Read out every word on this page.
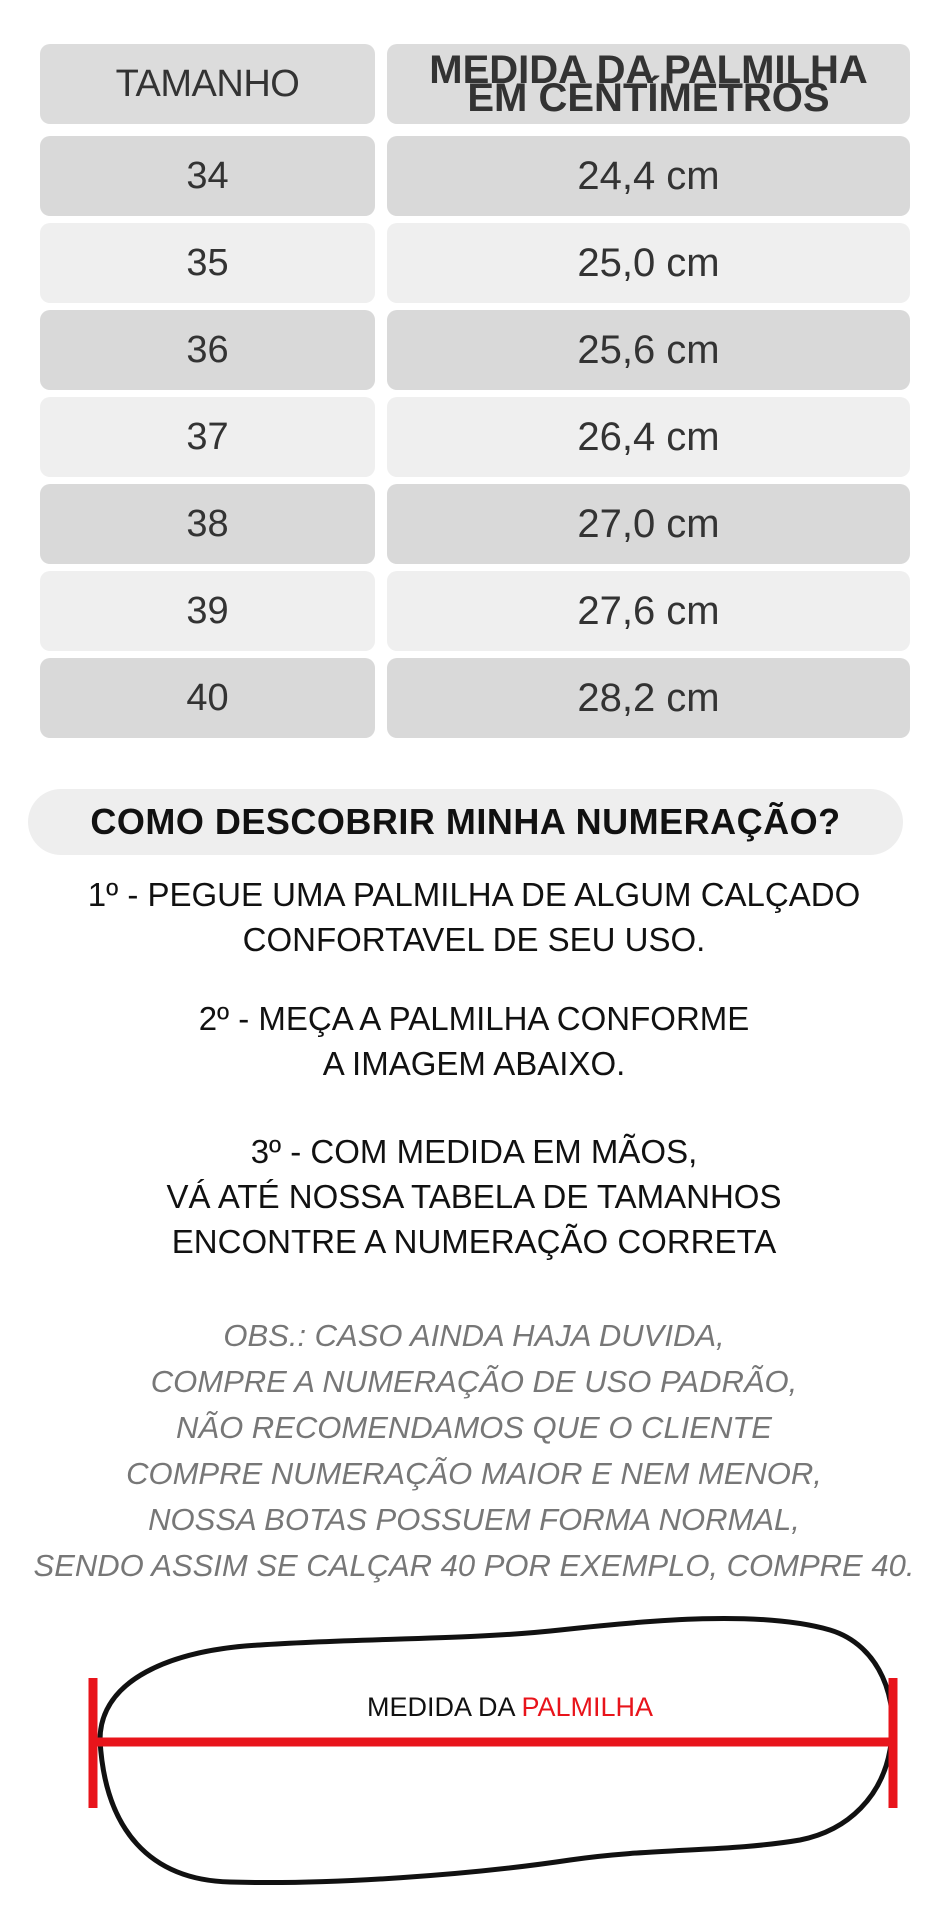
TAMANHO	MEDIDA DA PALMILHA
EM CENTÍMETROS
34	24,4 cm
35	25,0 cm
36	25,6 cm
37	26,4 cm
38	27,0 cm
39	27,6 cm
40	28,2 cm
COMO DESCOBRIR MINHA NUMERAÇÃO?
1º - PEGUE UMA PALMILHA DE ALGUM CALÇADO
CONFORTAVEL DE SEU USO.
2º - MEÇA A PALMILHA CONFORME
A IMAGEM ABAIXO.
3º - COM MEDIDA EM MÃOS,
VÁ ATÉ NOSSA TABELA DE TAMANHOS
ENCONTRE A NUMERAÇÃO CORRETA
OBS.: CASO AINDA HAJA DUVIDA,
COMPRE A NUMERAÇÃO DE USO PADRÃO,
NÃO RECOMENDAMOS QUE O CLIENTE
COMPRE NUMERAÇÃO MAIOR E NEM MENOR,
NOSSA BOTAS POSSUEM FORMA NORMAL,
SENDO ASSIM SE CALÇAR 40 POR EXEMPLO, COMPRE 40.
MEDIDA DA PALMILHA
